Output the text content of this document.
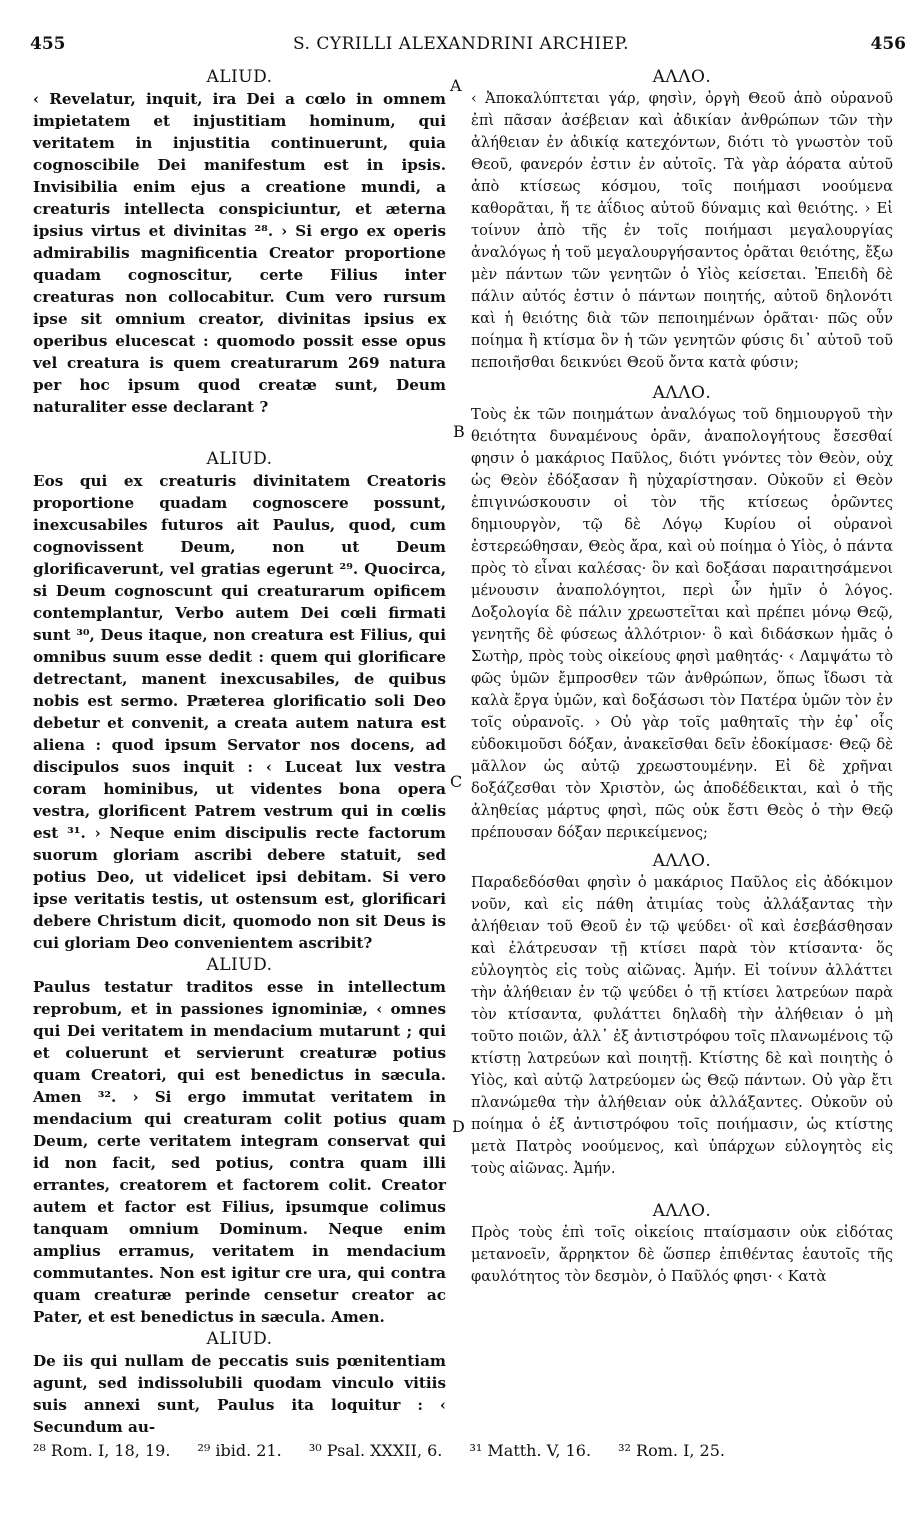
455	S. CYRILLI ALEXANDRINI ARCHIEP.	456
A
B
C
D

ALIUD.

‹ Revelatur, inquit, ira Dei a cœlo in omnem impietatem et injustitiam hominum, qui veritatem in injustitia continuerunt, quia cognoscibile Dei manifestum est in ipsis. Invisibilia enim ejus a creatione mundi, a creaturis intellecta conspiciuntur, et æterna ipsius virtus et divinitas ²⁸. › Si ergo ex operis admirabilis magnificentia Creator proportione quadam cognoscitur, certe Filius inter creaturas non collocabitur. Cum vero rursum ipse sit omnium creator, divinitas ipsius ex operibus elucescat : quomodo possit esse opus vel creatura is quem creaturarum 269 natura per hoc ipsum quod creatæ sunt, Deum naturaliter esse declarant ?

ALIUD.

Eos qui ex creaturis divinitatem Creatoris proportione quadam cognoscere possunt, inexcusabiles futuros ait Paulus, quod, cum cognovissent Deum, non ut Deum glorificaverunt, vel gratias egerunt ²⁹. Quocirca, si Deum cognoscunt qui creaturarum opificem contemplantur, Verbo autem Dei cœli firmati sunt ³⁰, Deus itaque, non creatura est Filius, qui omnibus suum esse dedit : quem qui glorificare detrectant, manent inexcusabiles, de quibus nobis est sermo. Præterea glorificatio soli Deo debetur et convenit, a creata autem natura est aliena : quod ipsum Servator nos docens, ad discipulos suos inquit : ‹ Luceat lux vestra coram hominibus, ut videntes bona opera vestra, glorificent Patrem vestrum qui in cœlis est ³¹. › Neque enim discipulis recte factorum suorum gloriam ascribi debere statuit, sed potius Deo, ut videlicet ipsi debitam. Si vero ipse veritatis testis, ut ostensum est, glorificari debere Christum dicit, quomodo non sit Deus is cui gloriam Deo convenientem ascribit?

ALIUD.

Paulus testatur traditos esse in intellectum reprobum, et in passiones ignominiæ, ‹ omnes qui Dei veritatem in mendacium mutarunt ; qui et coluerunt et servierunt creaturæ potius quam Creatori, qui est benedictus in sæcula. Amen ³². › Si ergo immutat veritatem in mendacium qui creaturam colit potius quam Deum, certe veritatem integram conservat qui id non facit, sed potius, contra quam illi errantes, creatorem et factorem colit. Creator autem et factor est Filius, ipsumque colimus tanquam omnium Dominum. Neque enim amplius erramus, veritatem in mendacium commutantes. Non est igitur cre ura, qui contra quam creaturæ perinde censetur creator ac Pater, et est benedictus in sæcula. Amen.

ALIUD.

De iis qui nullam de peccatis suis pœnitentiam agunt, sed indissolubili quodam vinculo vitiis suis annexi sunt, Paulus ita loquitur : ‹ Secundum au-

ΑΛΛΟ.

‹ Ἀποκαλύπτεται γάρ, φησὶν, ὀργὴ Θεοῦ ἀπὸ οὐρανοῦ ἐπὶ πᾶσαν ἀσέβειαν καὶ ἀδικίαν ἀνθρώπων τῶν τὴν ἀλήθειαν ἐν ἀδικίᾳ κατεχόντων, διότι τὸ γνωστὸν τοῦ Θεοῦ, φανερόν ἐστιν ἐν αὐτοῖς. Τὰ γὰρ ἀόρατα αὐτοῦ ἀπὸ κτίσεως κόσμου, τοῖς ποιήμασι νοούμενα καθορᾶται, ἥ τε ἀΐδιος αὐτοῦ δύναμις καὶ θειότης. › Εἰ τοίνυν ἀπὸ τῆς ἐν τοῖς ποιήμασι μεγαλουργίας ἀναλόγως ἡ τοῦ μεγαλουργήσαντος ὁρᾶται θειότης, ἔξω μὲν πάντων τῶν γενητῶν ὁ Υἱὸς κείσεται. Ἐπειδὴ δὲ πάλιν αὐτός ἐστιν ὁ πάντων ποιητής, αὐτοῦ δηλονότι καὶ ἡ θειότης διὰ τῶν πεποιημένων ὁρᾶται· πῶς οὖν ποίημα ἢ κτίσμα ὃν ἡ τῶν γενητῶν φύσις δι᾽ αὐτοῦ τοῦ πεποιῆσθαι δεικνύει Θεοῦ ὄντα κατὰ φύσιν;

ΑΛΛΟ.

Τοὺς ἐκ τῶν ποιημάτων ἀναλόγως τοῦ δημιουργοῦ τὴν θειότητα δυναμένους ὁρᾶν, ἀναπολογήτους ἔσεσθαί φησιν ὁ μακάριος Παῦλος, διότι γνόντες τὸν Θεὸν, οὐχ ὡς Θεὸν ἐδόξασαν ἢ ηὐχαρίστησαν. Οὐκοῦν εἰ Θεὸν ἐπιγινώσκουσιν οἱ τὸν τῆς κτίσεως ὁρῶντες δημιουργὸν, τῷ δὲ Λόγῳ Κυρίου οἱ οὐρανοὶ ἐστερεώθησαν, Θεὸς ἄρα, καὶ οὐ ποίημα ὁ Υἱὸς, ὁ πάντα πρὸς τὸ εἶναι καλέσας· ὃν καὶ δοξάσαι παραιτησάμενοι μένουσιν ἀναπολόγητοι, περὶ ὧν ἡμῖν ὁ λόγος. Δοξολογία δὲ πάλιν χρεωστεῖται καὶ πρέπει μόνῳ Θεῷ, γενητῆς δὲ φύσεως ἀλλότριον· ὃ καὶ διδάσκων ἡμᾶς ὁ Σωτὴρ, πρὸς τοὺς οἰκείους φησὶ μαθητάς· ‹ Λαμψάτω τὸ φῶς ὑμῶν ἔμπροσθεν τῶν ἀνθρώπων, ὅπως ἴδωσι τὰ καλὰ ἔργα ὑμῶν, καὶ δοξάσωσι τὸν Πατέρα ὑμῶν τὸν ἐν τοῖς οὐρανοῖς. › Οὐ γὰρ τοῖς μαθηταῖς τὴν ἐφ᾽ οἷς εὐδοκιμοῦσι δόξαν, ἀνακεῖσθαι δεῖν ἐδοκίμασε· Θεῷ δὲ μᾶλλον ὡς αὐτῷ χρεωστουμένην. Εἰ δὲ χρῆναι δοξάζεσθαι τὸν Χριστὸν, ὡς ἀποδέδεικται, καὶ ὁ τῆς ἀληθείας μάρτυς φησὶ, πῶς οὐκ ἔστι Θεὸς ὁ τὴν Θεῷ πρέπουσαν δόξαν περικείμενος;

ΑΛΛΟ.

Παραδεδόσθαι φησὶν ὁ μακάριος Παῦλος εἰς ἀδόκιμον νοῦν, καὶ εἰς πάθη ἀτιμίας τοὺς ἀλλάξαντας τὴν ἀλήθειαν τοῦ Θεοῦ ἐν τῷ ψεύδει· οἳ καὶ ἐσεβάσθησαν καὶ ἐλάτρευσαν τῇ κτίσει παρὰ τὸν κτίσαντα· ὅς εὐλογητὸς εἰς τοὺς αἰῶνας. Ἀμήν. Εἰ τοίνυν ἀλλάττει τὴν ἀλήθειαν ἐν τῷ ψεύδει ὁ τῇ κτίσει λατρεύων παρὰ τὸν κτίσαντα, φυλάττει δηλαδὴ τὴν ἀλήθειαν ὁ μὴ τοῦτο ποιῶν, ἀλλ᾽ ἐξ ἀντιστρόφου τοῖς πλανωμένοις τῷ κτίστῃ λατρεύων καὶ ποιητῇ. Κτίστης δὲ καὶ ποιητὴς ὁ Υἱὸς, καὶ αὐτῷ λατρεύομεν ὡς Θεῷ πάντων. Οὐ γὰρ ἔτι πλανώμεθα τὴν ἀλήθειαν οὐκ ἀλλάξαντες. Οὐκοῦν οὐ ποίημα ὁ ἐξ ἀντιστρόφου τοῖς ποιήμασιν, ὡς κτίστης μετὰ Πατρὸς νοούμενος, καὶ ὑπάρχων εὐλογητὸς εἰς τοὺς αἰῶνας. Ἀμήν.

ΑΛΛΟ.

Πρὸς τοὺς ἐπὶ τοῖς οἰκείοις πταίσμασιν οὐκ εἰδότας μετανοεῖν, ἄρρηκτον δὲ ὥσπερ ἐπιθέντας ἑαυτοῖς τῆς φαυλότητος τὸν δεσμὸν, ὁ Παῦλός φησι· ‹ Κατὰ

²⁸ Rom. I, 18, 19. ²⁹ ibid. 21. ³⁰ Psal. XXXII, 6. ³¹ Matth. V, 16. ³² Rom. I, 25.
